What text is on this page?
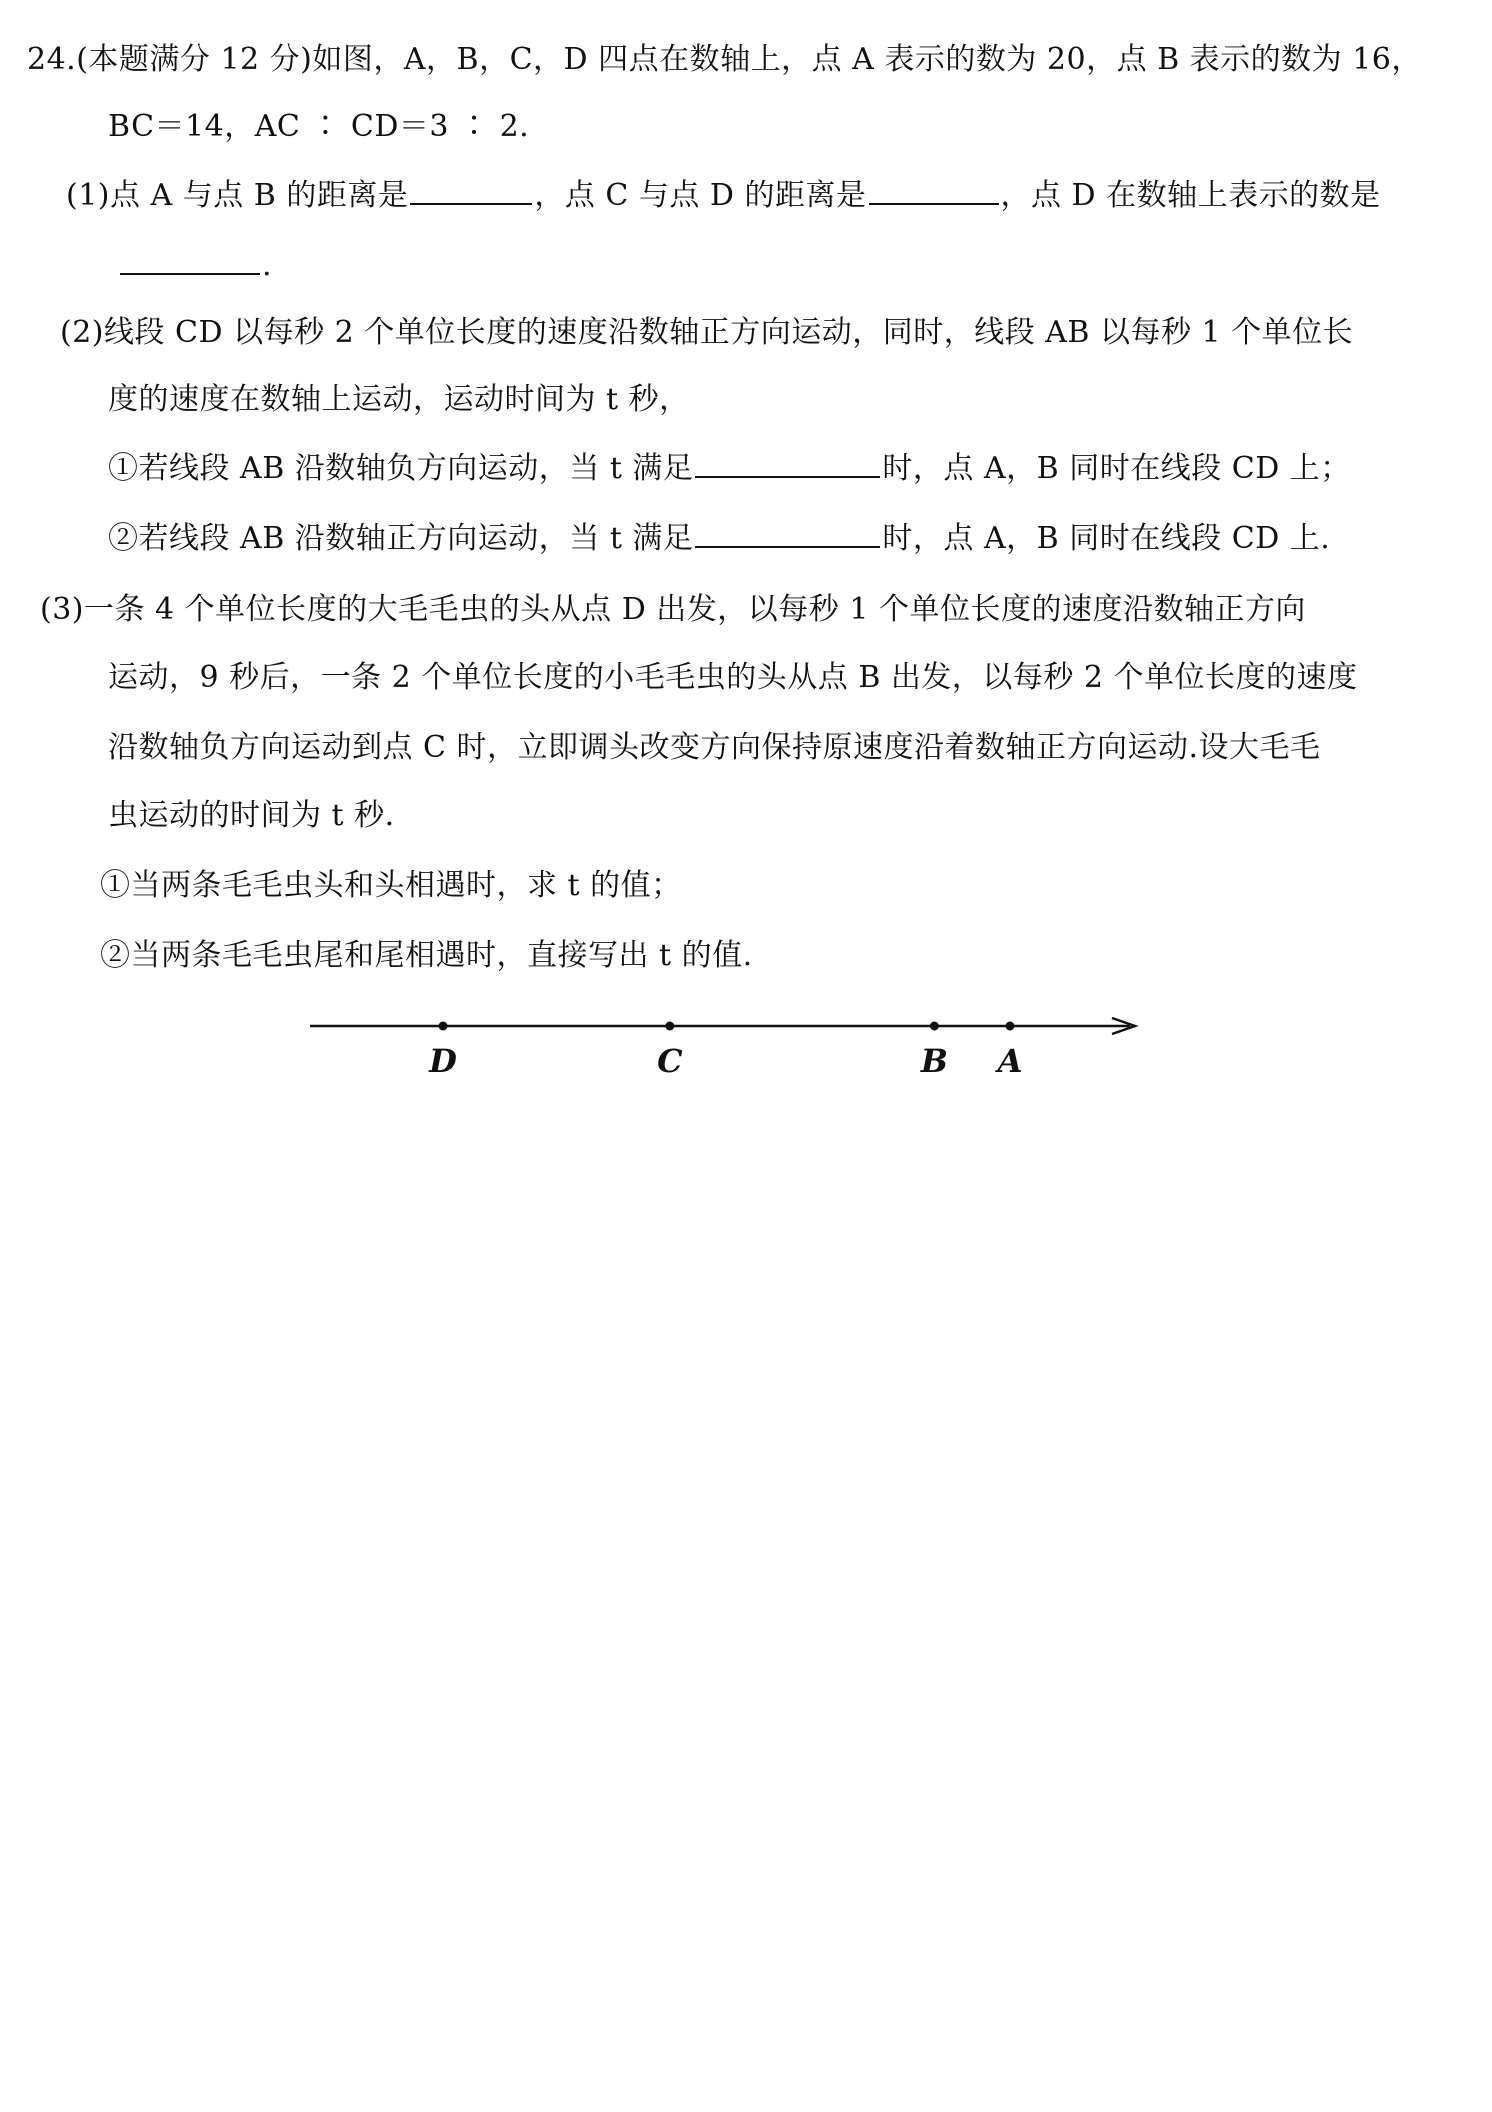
24.(本题满分 12 分)如图，A，B，C，D 四点在数轴上，点 A 表示的数为 20，点 B 表示的数为 16，
BC＝14，AC ∶ CD＝3 ∶ 2.
(1)点 A 与点 B 的距离是	，点 C 与点 D 的距离是	，点 D 在数轴上表示的数是
.
(2)线段 CD 以每秒 2 个单位长度的速度沿数轴正方向运动，同时，线段 AB 以每秒 1 个单位长
度的速度在数轴上运动，运动时间为 t 秒，
①若线段 AB 沿数轴负方向运动，当 t 满足	时，点 A，B 同时在线段 CD 上；
②若线段 AB 沿数轴正方向运动，当 t 满足	时，点 A，B 同时在线段 CD 上.
(3)一条 4 个单位长度的大毛毛虫的头从点 D 出发，以每秒 1 个单位长度的速度沿数轴正方向
运动，9 秒后，一条 2 个单位长度的小毛毛虫的头从点 B 出发，以每秒 2 个单位长度的速度
沿数轴负方向运动到点 C 时，立即调头改变方向保持原速度沿着数轴正方向运动.设大毛毛
虫运动的时间为 t 秒.
①当两条毛毛虫头和头相遇时，求 t 的值；
②当两条毛毛虫尾和尾相遇时，直接写出 t 的值.
D	C	B A
